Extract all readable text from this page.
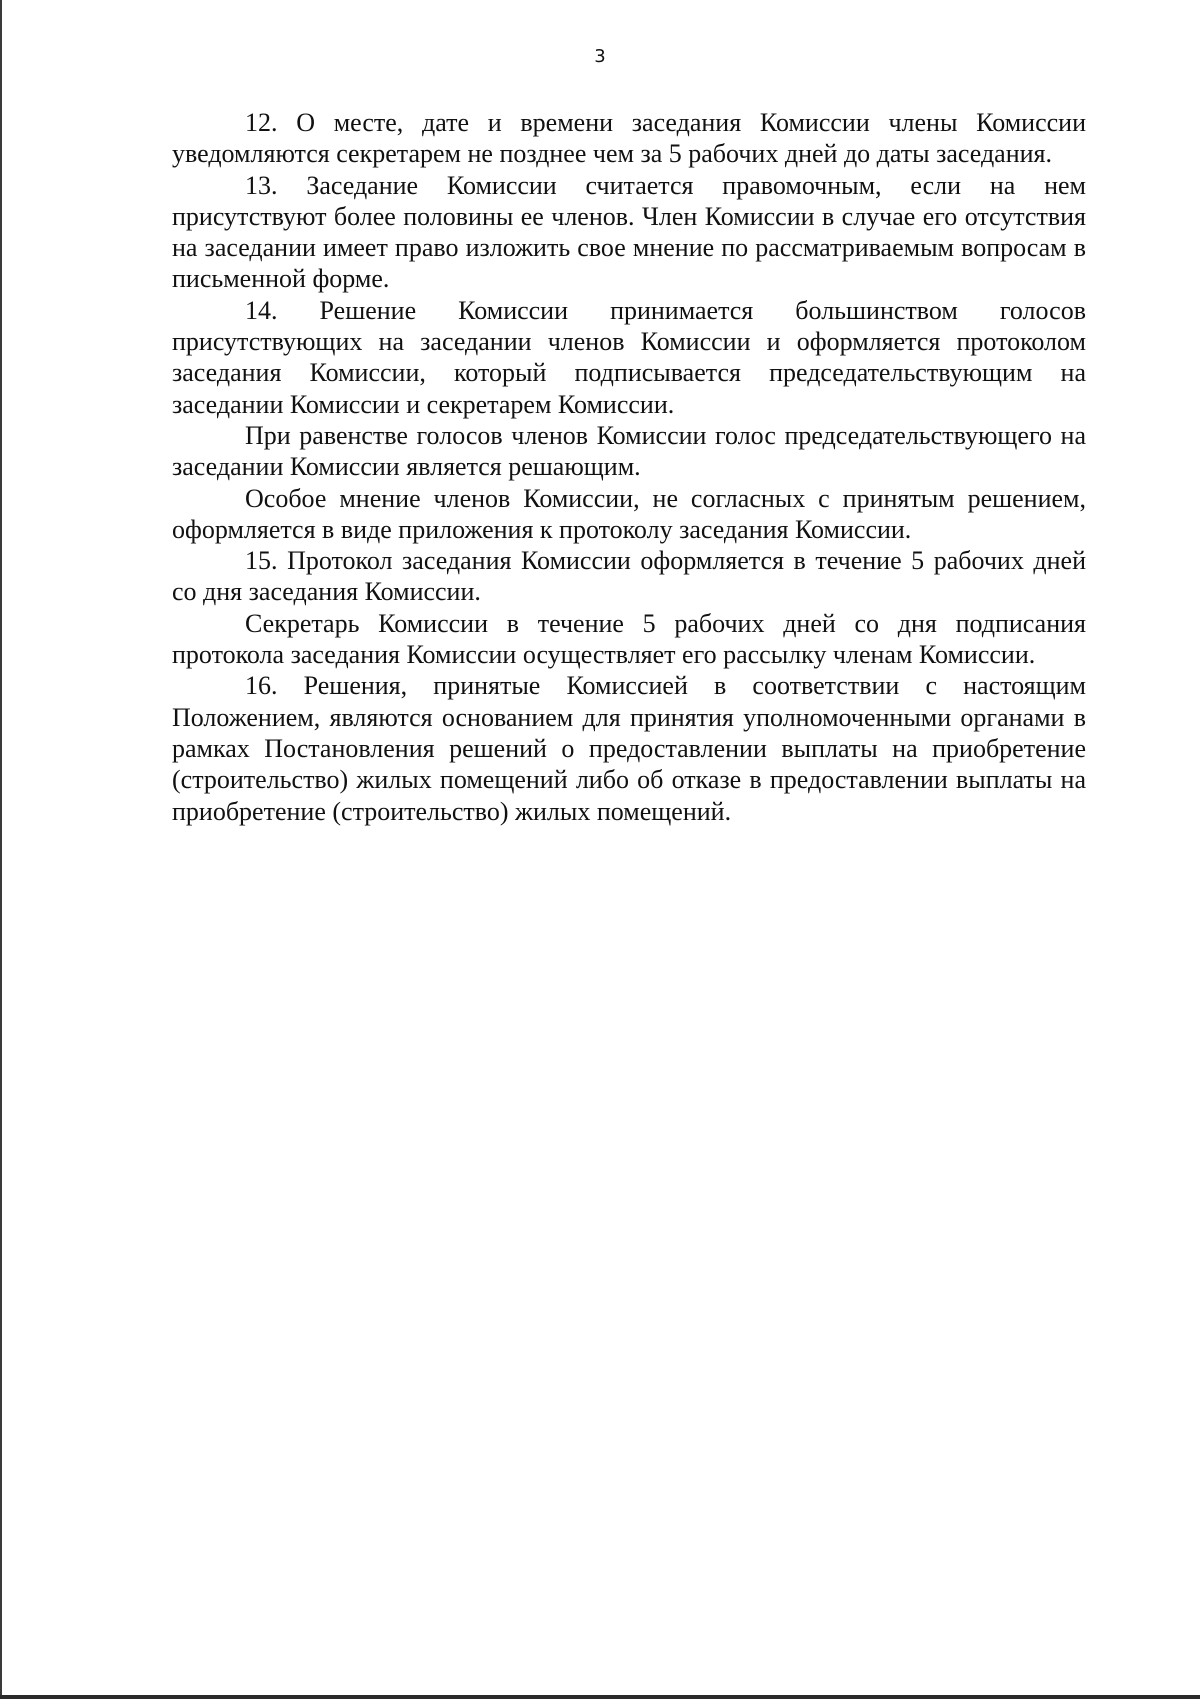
3

12. О месте, дате и времени заседания Комиссии члены Комиссии уведомляются секретарем не позднее чем за 5 рабочих дней до даты заседания.

13. Заседание Комиссии считается правомочным, если на нем присутствуют более половины ее членов. Член Комиссии в случае его отсутствия на заседании имеет право изложить свое мнение по рассматриваемым вопросам в письменной форме.

14. Решение Комиссии принимается большинством голосов присутствующих на заседании членов Комиссии и оформляется протоколом заседания Комиссии, который подписывается председательствующим на заседании Комиссии и секретарем Комиссии.

При равенстве голосов членов Комиссии голос председательствующего на заседании Комиссии является решающим.

Особое мнение членов Комиссии, не согласных с принятым решением, оформляется в виде приложения к протоколу заседания Комиссии.

15. Протокол заседания Комиссии оформляется в течение 5 рабочих дней со дня заседания Комиссии.

Секретарь Комиссии в течение 5 рабочих дней со дня подписания протокола заседания Комиссии осуществляет его рассылку членам Комиссии.

16. Решения, принятые Комиссией в соответствии с настоящим Положением, являются основанием для принятия уполномоченными органами в рамках Постановления решений о предоставлении выплаты на приобретение (строительство) жилых помещений либо об отказе в предоставлении выплаты на приобретение (строительство) жилых помещений.
